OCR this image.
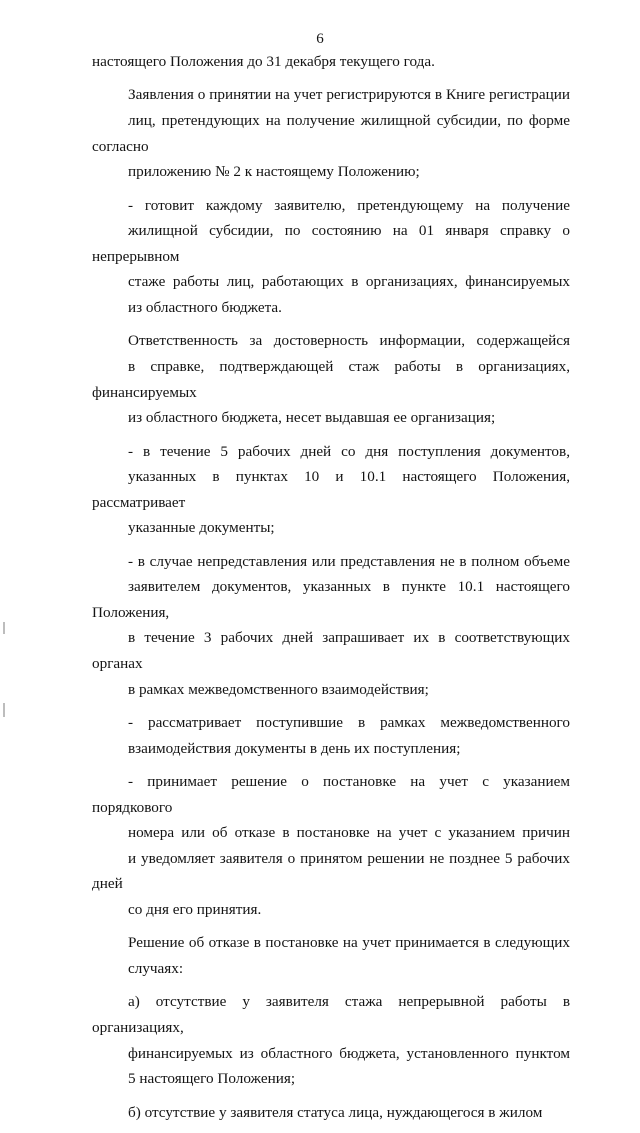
6

настоящего Положения до 31 декабря текущего года.

Заявления о принятии на учет регистрируются в Книге регистрации
лиц, претендующих на получение жилищной субсидии, по форме согласно
приложению № 2 к настоящему Положению;

- готовит каждому заявителю, претендующему на получение
жилищной субсидии, по состоянию на 01 января справку о непрерывном
стаже работы лиц, работающих в организациях, финансируемых
из областного бюджета.

Ответственность за достоверность информации, содержащейся
в справке, подтверждающей стаж работы в организациях, финансируемых
из областного бюджета, несет выдавшая ее организация;

- в течение 5 рабочих дней со дня поступления документов,
указанных в пунктах 10 и 10.1 настоящего Положения, рассматривает
указанные документы;

- в случае непредставления или представления не в полном объеме
заявителем документов, указанных в пункте 10.1 настоящего Положения,
в течение 3 рабочих дней запрашивает их в соответствующих органах
в рамках межведомственного взаимодействия;

- рассматривает поступившие в рамках межведомственного
взаимодействия документы в день их поступления;

- принимает решение о постановке на учет с указанием порядкового
номера или об отказе в постановке на учет с указанием причин
и уведомляет заявителя о принятом решении не позднее 5 рабочих дней
со дня его принятия.

Решение об отказе в постановке на учет принимается в следующих
случаях:

а) отсутствие у заявителя стажа непрерывной работы в организациях,
финансируемых из областного бюджета, установленного пунктом
5 настоящего Положения;

б) отсутствие у заявителя статуса лица, нуждающегося в жилом
